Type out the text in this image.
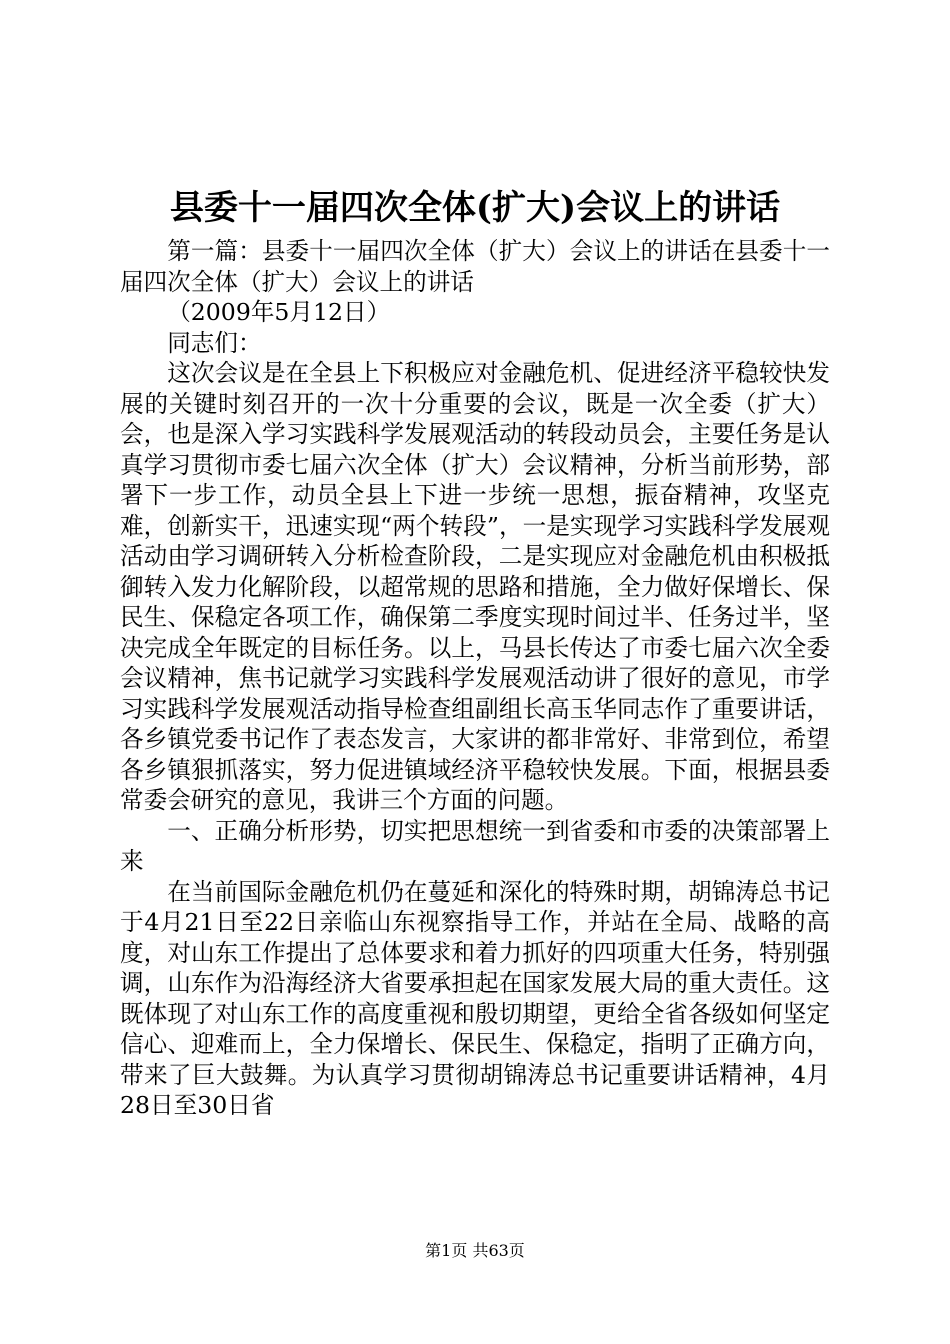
县委十一届四次全体(扩大)会议上的讲话

第一篇：县委十一届四次全体（扩大）会议上的讲话在县委十一届四次全体（扩大）会议上的讲话

（2009年5月12日）

同志们：

这次会议是在全县上下积极应对金融危机、促进经济平稳较快发展的关键时刻召开的一次十分重要的会议，既是一次全委（扩大）会，也是深入学习实践科学发展观活动的转段动员会，主要任务是认真学习贯彻市委七届六次全体（扩大）会议精神，分析当前形势，部署下一步工作，动员全县上下进一步统一思想，振奋精神，攻坚克难，创新实干，迅速实现“两个转段”，一是实现学习实践科学发展观活动由学习调研转入分析检查阶段，二是实现应对金融危机由积极抵御转入发力化解阶段，以超常规的思路和措施，全力做好保增长、保民生、保稳定各项工作，确保第二季度实现时间过半、任务过半，坚决完成全年既定的目标任务。以上，马县长传达了市委七届六次全委会议精神，焦书记就学习实践科学发展观活动讲了很好的意见，市学习实践科学发展观活动指导检查组副组长高玉华同志作了重要讲话，各乡镇党委书记作了表态发言，大家讲的都非常好、非常到位，希望各乡镇狠抓落实，努力促进镇域经济平稳较快发展。下面，根据县委常委会研究的意见，我讲三个方面的问题。

一、正确分析形势，切实把思想统一到省委和市委的决策部署上来

在当前国际金融危机仍在蔓延和深化的特殊时期，胡锦涛总书记于4月21日至22日亲临山东视察指导工作，并站在全局、战略的高度，对山东工作提出了总体要求和着力抓好的四项重大任务，特别强调，山东作为沿海经济大省要承担起在国家发展大局的重大责任。这既体现了对山东工作的高度重视和殷切期望，更给全省各级如何坚定信心、迎难而上，全力保增长、保民生、保稳定，指明了正确方向，带来了巨大鼓舞。为认真学习贯彻胡锦涛总书记重要讲话精神，4月28日至30日省

第1页 共63页
